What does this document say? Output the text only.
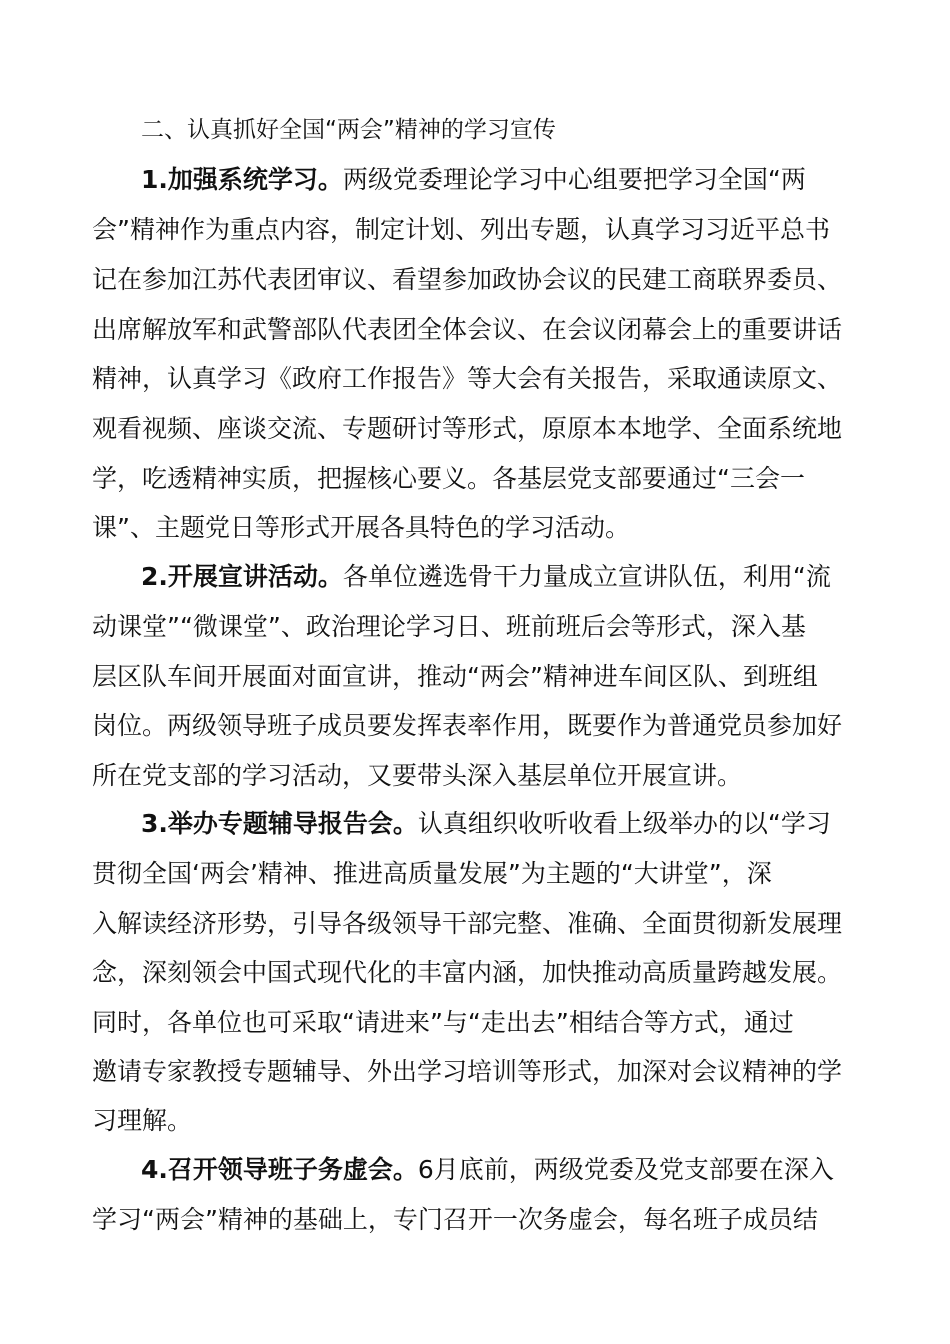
二、认真抓好全国“两会”精神的学习宣传
1.加强系统学习。两级党委理论学习中心组要把学习全国“两
会”精神作为重点内容，制定计划、列出专题，认真学习习近平总书
记在参加江苏代表团审议、看望参加政协会议的民建工商联界委员、
出席解放军和武警部队代表团全体会议、在会议闭幕会上的重要讲话
精神，认真学习《政府工作报告》等大会有关报告，采取通读原文、
观看视频、座谈交流、专题研讨等形式，原原本本地学、全面系统地
学，吃透精神实质，把握核心要义。各基层党支部要通过“三会一
课”、主题党日等形式开展各具特色的学习活动。
2.开展宣讲活动。各单位遴选骨干力量成立宣讲队伍，利用“流
动课堂”“微课堂”、政治理论学习日、班前班后会等形式，深入基
层区队车间开展面对面宣讲，推动“两会”精神进车间区队、到班组
岗位。两级领导班子成员要发挥表率作用，既要作为普通党员参加好
所在党支部的学习活动，又要带头深入基层单位开展宣讲。
3.举办专题辅导报告会。认真组织收听收看上级举办的以“学习
贯彻全国‘两会’精神、推进高质量发展”为主题的“大讲堂”，深
入解读经济形势，引导各级领导干部完整、准确、全面贯彻新发展理
念，深刻领会中国式现代化的丰富内涵，加快推动高质量跨越发展。
同时，各单位也可采取“请进来”与“走出去”相结合等方式，通过
邀请专家教授专题辅导、外出学习培训等形式，加深对会议精神的学
习理解。
4.召开领导班子务虚会。6月底前，两级党委及党支部要在深入
学习“两会”精神的基础上，专门召开一次务虚会，每名班子成员结
